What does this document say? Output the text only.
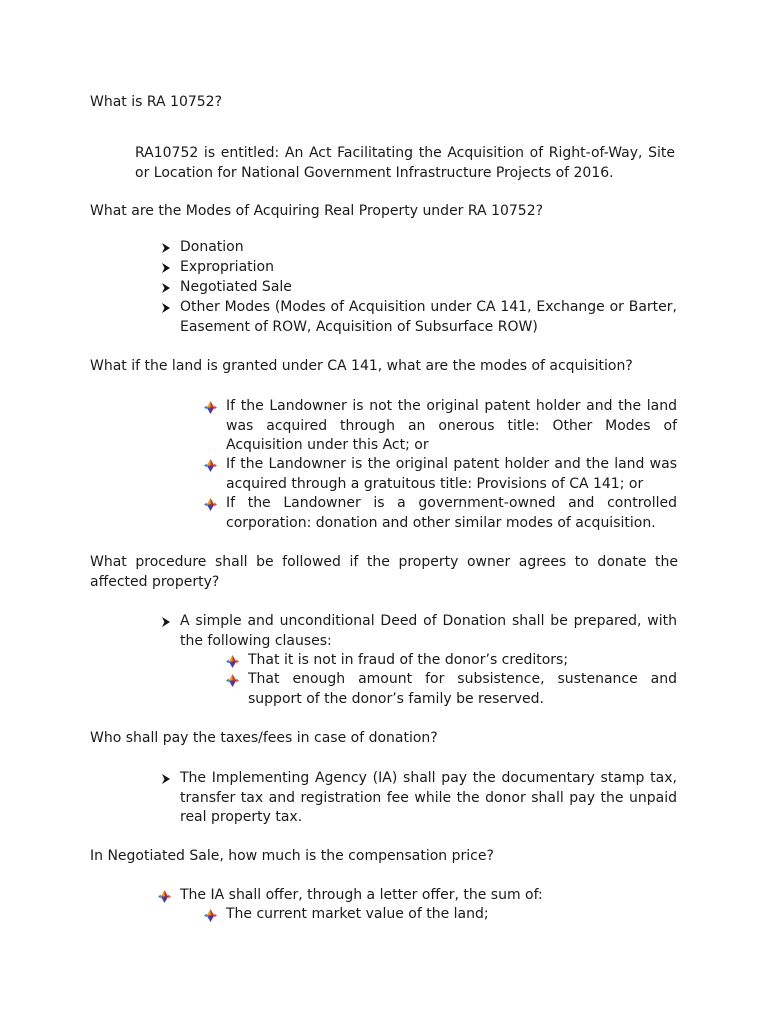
What is RA 10752?
RA10752 is entitled: An Act Facilitating the Acquisition of Right-of-Way, Site or Location for National Government Infrastructure Projects of 2016.
What are the Modes of Acquiring Real Property under RA 10752?
Donation
Expropriation
Negotiated Sale
Other Modes (Modes of Acquisition under CA 141, Exchange or Barter, Easement of ROW, Acquisition of Subsurface ROW)
What if the land is granted under CA 141, what are the modes of acquisition?
If the Landowner is not the original patent holder and the land was acquired through an onerous title: Other Modes of Acquisition under this Act; or
If the Landowner is the original patent holder and the land was acquired through a gratuitous title: Provisions of CA 141; or
If the Landowner is a government-owned and controlled corporation: donation and other similar modes of acquisition.
What procedure shall be followed if the property owner agrees to donate the affected property?
A simple and unconditional Deed of Donation shall be prepared, with the following clauses:
That it is not in fraud of the donor’s creditors;
That enough amount for subsistence, sustenance and support of the donor’s family be reserved.
Who shall pay the taxes/fees in case of donation?
The Implementing Agency (IA) shall pay the documentary stamp tax, transfer tax and registration fee while the donor shall pay the unpaid real property tax.
In Negotiated Sale, how much is the compensation price?
The IA shall offer, through a letter offer, the sum of:
The current market value of the land;
